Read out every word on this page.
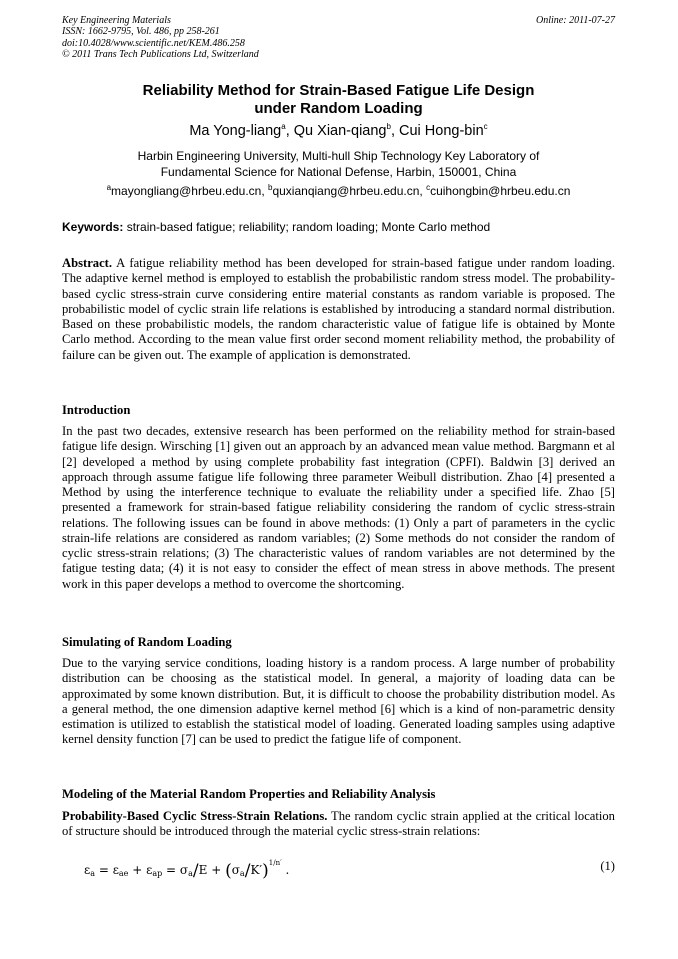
Key Engineering Materials
ISSN: 1662-9795, Vol. 486, pp 258-261
doi:10.4028/www.scientific.net/KEM.486.258
© 2011 Trans Tech Publications Ltd, Switzerland
Online: 2011-07-27
Reliability Method for Strain-Based Fatigue Life Design
under Random Loading
Ma Yong-liang$^a$, Qu Xian-qiang$^b$, Cui Hong-bin$^c$
Harbin Engineering University, Multi-hull Ship Technology Key Laboratory of
Fundamental Science for National Defense, Harbin, 150001, China
$^a$mayongliang@hrbeu.edu.cn, $^b$quxianqiang@hrbeu.edu.cn, $^c$cuihongbin@hrbeu.edu.cn
Keywords: strain-based fatigue; reliability; random loading; Monte Carlo method
Abstract. A fatigue reliability method has been developed for strain-based fatigue under random loading. The adaptive kernel method is employed to establish the probabilistic random stress model. The probability-based cyclic stress-strain curve considering entire material constants as random variable is proposed. The probabilistic model of cyclic strain life relations is established by introducing a standard normal distribution. Based on these probabilistic models, the random characteristic value of fatigue life is obtained by Monte Carlo method. According to the mean value first order second moment reliability method, the probability of failure can be given out. The example of application is demonstrated.
Introduction
In the past two decades, extensive research has been performed on the reliability method for strain-based fatigue life design. Wirsching [1] given out an approach by an advanced mean value method. Bargmann et al [2] developed a method by using complete probability fast integration (CPFI). Baldwin [3] derived an approach through assume fatigue life following three parameter Weibull distribution. Zhao [4] presented a Method by using the interference technique to evaluate the reliability under a specified life. Zhao [5] presented a framework for strain-based fatigue reliability considering the random of cyclic stress-strain relations. The following issues can be found in above methods: (1) Only a part of parameters in the cyclic strain-life relations are considered as random variables; (2) Some methods do not consider the random of cyclic stress-strain relations; (3) The characteristic values of random variables are not determined by the fatigue testing data; (4) it is not easy to consider the effect of mean stress in above methods. The present work in this paper develops a method to overcome the shortcoming.
Simulating of Random Loading
Due to the varying service conditions, loading history is a random process. A large number of probability distribution can be choosing as the statistical model. In general, a majority of loading data can be approximated by some known distribution. But, it is difficult to choose the probability distribution model. As a general method, the one dimension adaptive kernel method [6] which is a kind of non-parametric density estimation is utilized to establish the statistical model of loading. Generated loading samples using adaptive kernel density function [7] can be used to predict the fatigue life of component.
Modeling of the Material Random Properties and Reliability Analysis
Probability-Based Cyclic Stress-Strain Relations. The random cyclic strain applied at the critical location of structure should be introduced through the material cyclic stress-strain relations:
$\varepsilon_a = \varepsilon_{ae} + \varepsilon_{ap} = \sigma_a/E + (\sigma_a/K')^{1/n'}$ .	(1)
